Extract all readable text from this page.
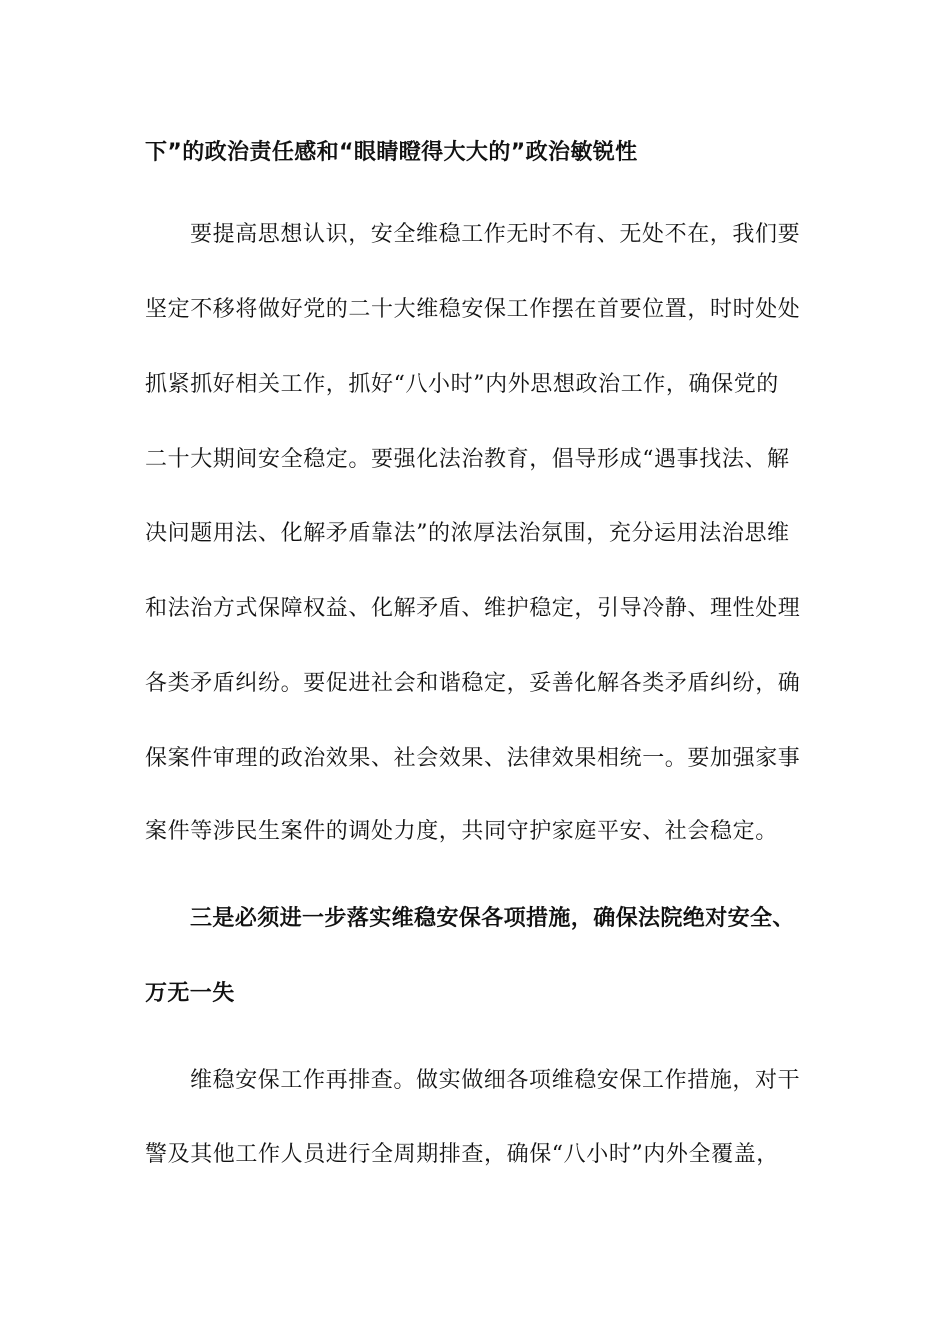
下”的政治责任感和“眼睛瞪得大大的”政治敏锐性
要提高思想认识，安全维稳工作无时不有、无处不在，我们要
坚定不移将做好党的二十大维稳安保工作摆在首要位置，时时处处
抓紧抓好相关工作，抓好“八小时”内外思想政治工作，确保党的
二十大期间安全稳定。要强化法治教育，倡导形成“遇事找法、解
决问题用法、化解矛盾靠法”的浓厚法治氛围，充分运用法治思维
和法治方式保障权益、化解矛盾、维护稳定，引导冷静、理性处理
各类矛盾纠纷。要促进社会和谐稳定，妥善化解各类矛盾纠纷，确
保案件审理的政治效果、社会效果、法律效果相统一。要加强家事
案件等涉民生案件的调处力度，共同守护家庭平安、社会稳定。
三是必须进一步落实维稳安保各项措施，确保法院绝对安全、
万无一失
维稳安保工作再排查。做实做细各项维稳安保工作措施，对干
警及其他工作人员进行全周期排查，确保“八小时”内外全覆盖，
